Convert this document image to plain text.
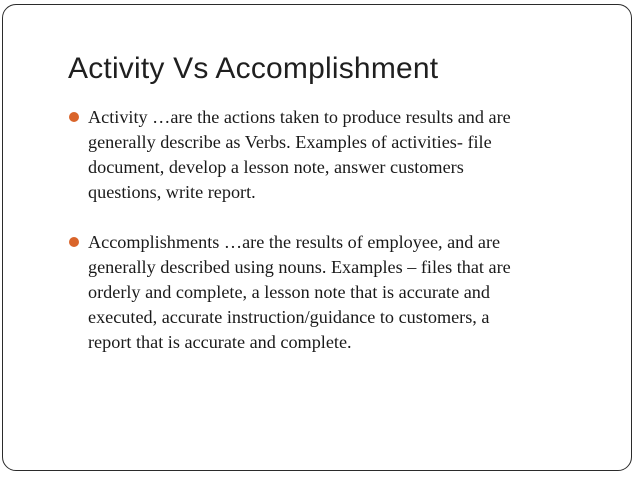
Activity Vs Accomplishment
Activity …are the actions taken to produce results and are
generally describe as Verbs. Examples of activities- file
document, develop a lesson note, answer customers
questions, write report.
Accomplishments …are the results of employee, and are
generally described using nouns. Examples – files that are
orderly and complete, a lesson note that is accurate and
executed, accurate instruction/guidance to customers, a
report that is accurate and complete.
